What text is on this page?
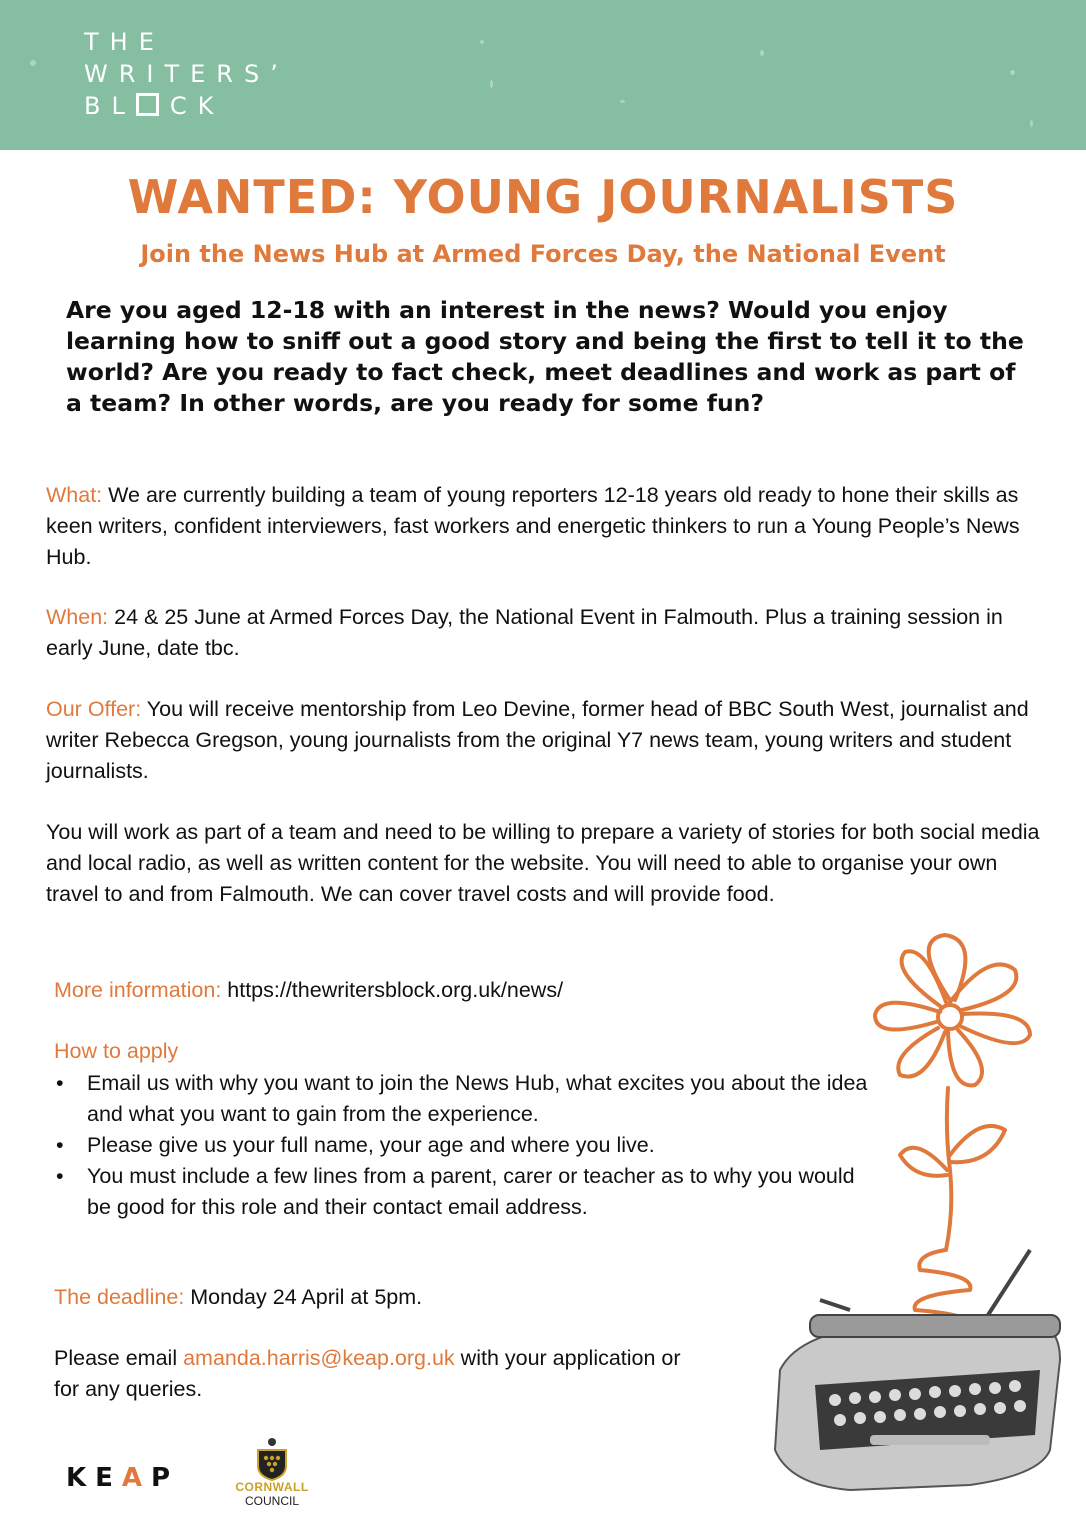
THE
WRITERS’
BL CK
WANTED: YOUNG JOURNALISTS
Join the News Hub at Armed Forces Day, the National Event
Are you aged 12-18 with an interest in the news? Would you enjoy learning how to sniff out a good story and being the first to tell it to the world? Are you ready to fact check, meet deadlines and work as part of a team? In other words, are you ready for some fun?
What: We are currently building a team of young reporters 12-18 years old ready to hone their skills as keen writers, confident interviewers, fast workers and energetic thinkers to run a Young People’s News Hub.
When: 24 & 25 June at Armed Forces Day, the National Event in Falmouth. Plus a training session in early June, date tbc.
Our Offer: You will receive mentorship from Leo Devine, former head of BBC South West, journalist and writer Rebecca Gregson, young journalists from the original Y7 news team, young writers and student journalists.
You will work as part of a team and need to be willing to prepare a variety of stories for both social media and local radio, as well as written content for the website. You will need to able to organise your own travel to and from Falmouth. We can cover travel costs and will provide food.
More information: https://thewritersblock.org.uk/news/
How to apply
• Email us with why you want to join the News Hub, what excites you about the idea and what you want to gain from the experience.
• Please give us your full name, your age and where you live.
• You must include a few lines from a parent, carer or teacher as to why you would be good for this role and their contact email address.
The deadline: Monday 24 April at 5pm.
Please email amanda.harris@keap.org.uk with your application or for any queries.
KEAP	CORNWALL
COUNCIL
